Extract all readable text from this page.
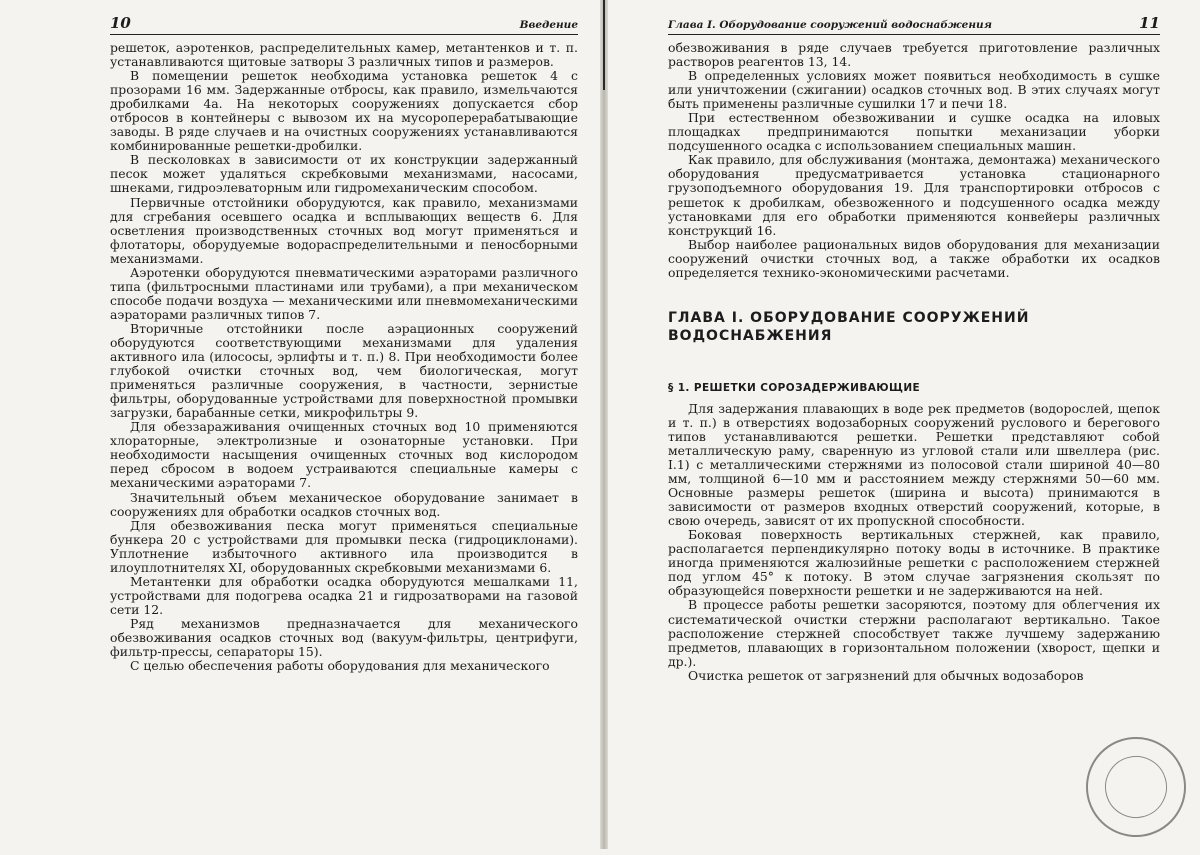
10	Введение

решеток, аэротенков, распределительных камер, метантенков и т. п. устанавливаются щитовые затворы 3 различных типов и размеров.

В помещении решеток необходима установка решеток 4 с прозорами 16 мм. Задержанные отбросы, как правило, измельчаются дробилками 4а. На некоторых сооружениях допускается сбор отбросов в контейнеры с вывозом их на мусороперерабатывающие заводы. В ряде случаев и на очистных сооружениях устанавливаются комбинированные решетки-дробилки.

В песколовках в зависимости от их конструкции задержанный песок может удаляться скребковыми механизмами, насосами, шнеками, гидроэлеваторным или гидромеханическим способом.

Первичные отстойники оборудуются, как правило, механизмами для сгребания осевшего осадка и всплывающих веществ 6. Для осветления производственных сточных вод могут применяться и флотаторы, оборудуемые водораспределительными и пеносборными механизмами.

Аэротенки оборудуются пневматическими аэраторами различного типа (фильтросными пластинами или трубами), а при механическом способе подачи воздуха — механическими или пневмомеханическими аэраторами различных типов 7.

Вторичные отстойники после аэрационных сооружений оборудуются соответствующими механизмами для удаления активного ила (илососы, эрлифты и т. п.) 8. При необходимости более глубокой очистки сточных вод, чем биологическая, могут применяться различные сооружения, в частности, зернистые фильтры, оборудованные устройствами для поверхностной промывки загрузки, барабанные сетки, микрофильтры 9.

Для обеззараживания очищенных сточных вод 10 применяются хлораторные, электролизные и озонаторные установки. При необходимости насыщения очищенных сточных вод кислородом перед сбросом в водоем устраиваются специальные камеры с механическими аэраторами 7.

Значительный объем механическое оборудование занимает в сооружениях для обработки осадков сточных вод.

Для обезвоживания песка могут применяться специальные бункера 20 с устройствами для промывки песка (гидроциклонами). Уплотнение избыточного активного ила производится в илоуплотнителях XI, оборудованных скребковыми механизмами 6.

Метантенки для обработки осадка оборудуются мешалками 11, устройствами для подогрева осадка 21 и гидрозатворами на газовой сети 12.

Ряд механизмов предназначается для механического обезвоживания осадков сточных вод (вакуум-фильтры, центрифуги, фильтр-прессы, сепараторы 15).

С целью обеспечения работы оборудования для механического

Глава I. Оборудование сооружений водоснабжения	11

обезвоживания в ряде случаев требуется приготовление различных растворов реагентов 13, 14.

В определенных условиях может появиться необходимость в сушке или уничтожении (сжигании) осадков сточных вод. В этих случаях могут быть применены различные сушилки 17 и печи 18.

При естественном обезвоживании и сушке осадка на иловых площадках предпринимаются попытки механизации уборки подсушенного осадка с использованием специальных машин.

Как правило, для обслуживания (монтажа, демонтажа) механического оборудования предусматривается установка стационарного грузоподъемного оборудования 19. Для транспортировки отбросов с решеток к дробилкам, обезвоженного и подсушенного осадка между установками для его обработки применяются конвейеры различных конструкций 16.

Выбор наиболее рациональных видов оборудования для механизации сооружений очистки сточных вод, а также обработки их осадков определяется технико-экономическими расчетами.

ГЛАВА I. ОБОРУДОВАНИЕ СООРУЖЕНИЙ ВОДОСНАБЖЕНИЯ
§ 1. РЕШЕТКИ СОРОЗАДЕРЖИВАЮЩИЕ

Для задержания плавающих в воде рек предметов (водорослей, щепок и т. п.) в отверстиях водозаборных сооружений руслового и берегового типов устанавливаются решетки. Решетки представляют собой металлическую раму, сваренную из угловой стали или швеллера (рис. I.1) с металлическими стержнями из полосовой стали шириной 40—80 мм, толщиной 6—10 мм и расстоянием между стержнями 50—60 мм. Основные размеры решеток (ширина и высота) принимаются в зависимости от размеров входных отверстий сооружений, которые, в свою очередь, зависят от их пропускной способности.

Боковая поверхность вертикальных стержней, как правило, располагается перпендикулярно потоку воды в источнике. В практике иногда применяются жалюзийные решетки с расположением стержней под углом 45° к потоку. В этом случае загрязнения скользят по образующейся поверхности решетки и не задерживаются на ней.

В процессе работы решетки засоряются, поэтому для облегчения их систематической очистки стержни располагают вертикально. Такое расположение стержней способствует также лучшему задержанию предметов, плавающих в горизонтальном положении (хворост, щепки и др.).

Очистка решеток от загрязнений для обычных водозаборов
